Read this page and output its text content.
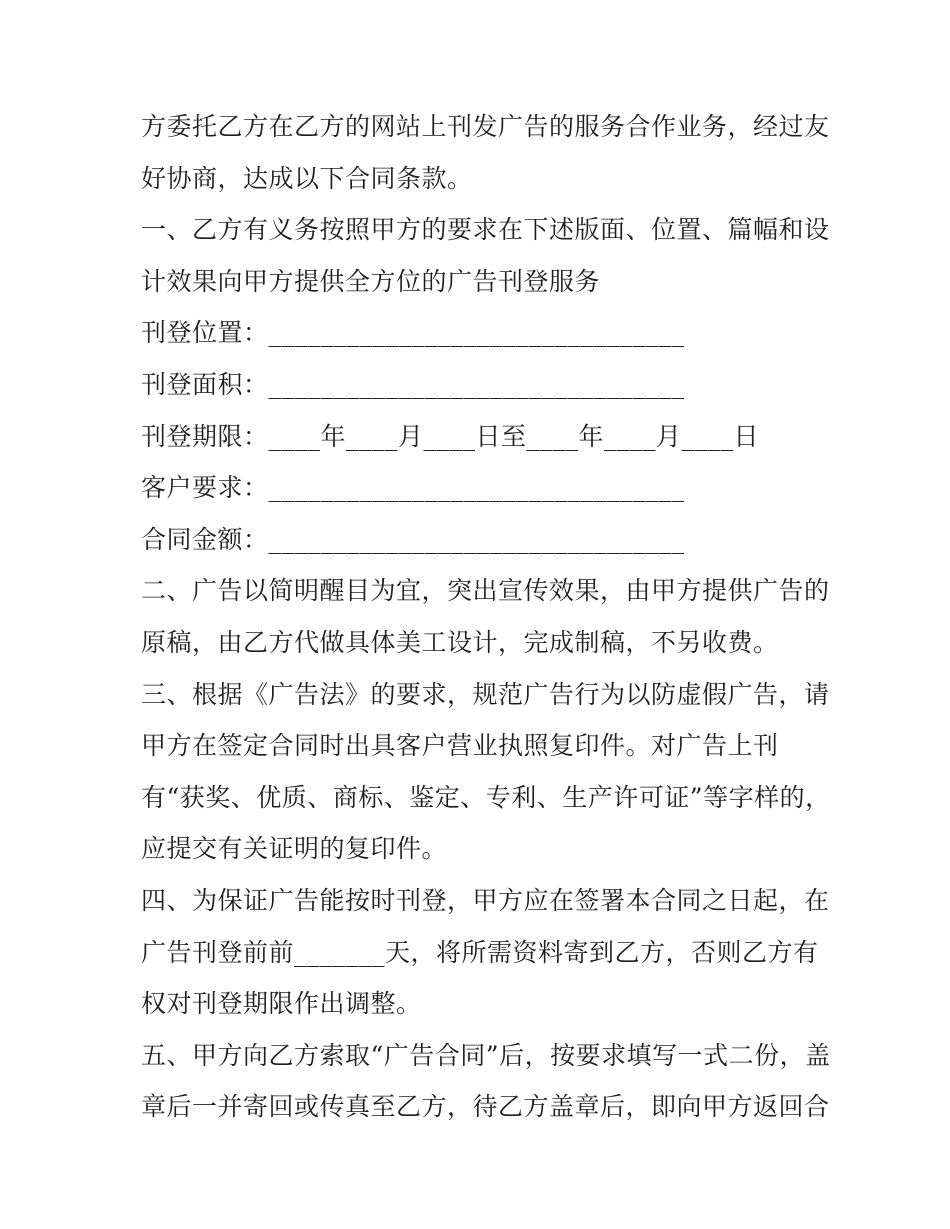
方委托乙方在乙方的网站上刊发广告的服务合作业务，经过友
好协商，达成以下合同条款。
一、乙方有义务按照甲方的要求在下述版面、位置、篇幅和设
计效果向甲方提供全方位的广告刊登服务
刊登位置：________________________________
刊登面积：________________________________
刊登期限：____年____月____日至____年____月____日
客户要求：________________________________
合同金额：________________________________
二、广告以简明醒目为宜，突出宣传效果，由甲方提供广告的
原稿，由乙方代做具体美工设计，完成制稿，不另收费。
三、根据《广告法》的要求，规范广告行为以防虚假广告，请
甲方在签定合同时出具客户营业执照复印件。对广告上刊
有“获奖、优质、商标、鉴定、专利、生产许可证”等字样的，
应提交有关证明的复印件。
四、为保证广告能按时刊登，甲方应在签署本合同之日起，在
广告刊登前前_______天，将所需资料寄到乙方，否则乙方有
权对刊登期限作出调整。
五、甲方向乙方索取“广告合同”后，按要求填写一式二份，盖
章后一并寄回或传真至乙方，待乙方盖章后，即向甲方返回合
